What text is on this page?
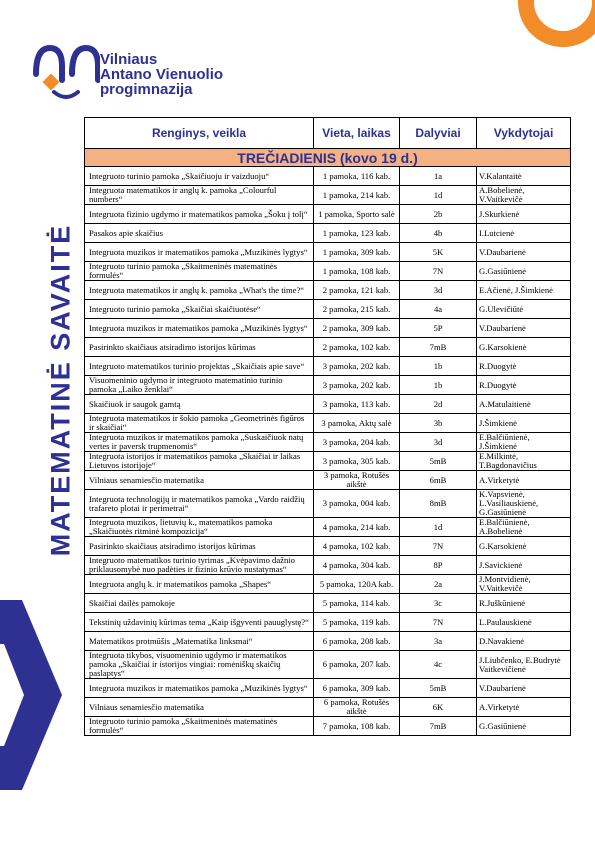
Vilniaus
Antano Vienuolio
progimnazija
MATEMATINĖ SAVAITĖ
Renginys, veikla	Vieta, laikas	Dalyviai	Vykdytojai
TREČIADIENIS (kovo 19 d.)			
Integruoto turinio pamoka „Skaičiuoju ir vaizduoju“	1 pamoka, 116 kab.	1a	V.Kalantaitė
Integruota matematikos ir anglų k. pamoka „Colourful numbers“	1 pamoka, 214 kab.	1d	A.Bobelienė, V.Vaitkevičė
Integruota fizinio ugdymo ir matematikos pamoka „Šoku į tolį“	1 pamoka, Sporto salė	2b	J.Skurkienė
Pasakos apie skaičius	1 pamoka, 123 kab.	4b	I.Lutcienė
Integruota muzikos ir matematikos pamoka „Muzikinės lygtys“	1 pamoka, 309 kab.	5K	V.Daubarienė
Integruoto turinio pamoka „Skaitmeninės matematinės formulės“	1 pamoka, 108 kab.	7N	G.Gasiūnienė
Integruota matematikos ir anglų k. pamoka „What's the time?“	2 pamoka, 121 kab.	3d	E.Ačienė, J.Šimkienė
Integruoto turinio pamoka „Skaičiai skaičiuotėse“	2 pamoka, 215 kab.	4a	G.Ulevičiūtė
Integruota muzikos ir matematikos pamoka „Muzikinės lygtys“	2 pamoka, 309 kab.	5P	V.Daubarienė
Pasirinkto skaičiaus atsiradimo istorijos kūrimas	2 pamoka, 102 kab.	7mB	G.Karsokienė
Integruoto matematikos turinio projektas „Skaičiais apie save“	3 pamoka, 202 kab.	1b	R.Duogytė
Visuomeninio ugdymo ir integruoto matematinio turinio pamoka „Laiko ženklai“	3 pamoka, 202 kab.	1b	R.Duogytė
Skaičiuok ir saugok gamtą	3 pamoka, 113 kab.	2d	A.Matulaitienė
Integruota matematikos ir šokio pamoka „Geometrinės figūros ir skaičiai“	3 pamoka, Aktų salė	3b	J.Šimkienė
Integruota muzikos ir matematikos pamoka „Suskaičiuok natų vertes ir paversk trupmenomis“	3 pamoka, 204 kab.	3d	E.Balčiūnienė, J.Šimkienė
Integruota istorijos ir matematikos pamoka „Skaičiai ir laikas Lietuvos istorijoje“	3 pamoka, 305 kab.	5mB	E.Milkintė, T.Bagdonavičius
Vilniaus senamiesčio matematika	3 pamoka, Rotušės aikštė	6mB	A.Virketytė
Integruota technologijų ir matematikos pamoka „Vardo raidžių trafareto plotai ir perimetrai“	3 pamoka, 004 kab.	8mB	K.Vapsvienė, L.Vasiliauskienė, G.Gasiūnienė
Integruota muzikos, lietuvių k., matematikos pamoka „Skaičiuotės ritminė kompozicija“	4 pamoka, 214 kab.	1d	E.Balčiūnienė, A.Bobelienė
Pasirinkto skaičiaus atsiradimo istorijos kūrimas	4 pamoka, 102 kab.	7N	G.Karsokienė
Integruoto matematikos turinio tyrimas „Kvėpavimo dažnio priklausomybė nuo padėties ir fizinio krūvio nustatymas“	4 pamoka, 304 kab.	8P	J.Savickienė
Integruota anglų k. ir matematikos pamoka „Shapes“	5 pamoka, 120A kab.	2a	J.Montvidienė, V.Vaitkevičė
Skaičiai dailės pamokoje	5 pamoka, 114 kab.	3c	R.Juškūnienė
Tekstinių uždavinių kūrimas tema „Kaip išgyventi pauuglystę?“	5 pamoka, 119 kab.	7N	L.Paulauskienė
Matematikos protmūšis „Matematika linksmai“	6 pamoka, 208 kab.	3a	D.Navakienė
Integruota tikybos, visuomeninio ugdymo ir matematikos pamoka „Skaičiai ir istorijos vingiai: romėniškų skaičių paslaptys“	6 pamoka, 207 kab.	4c	J.Liubčenko, E.Budrytė Vaitkevičienė
Integruota muzikos ir matematikos pamoka „Muzikinės lygtys“	6 pamoka, 309 kab.	5mB	V.Daubarienė
Vilniaus senamiesčio matematika	6 pamoka, Rotušės aikštė	6K	A.Virketytė
Integruoto turinio pamoka „Skaitmeninės matematinės formulės“	7 pamoka, 108 kab.	7mB	G.Gasiūnienė
